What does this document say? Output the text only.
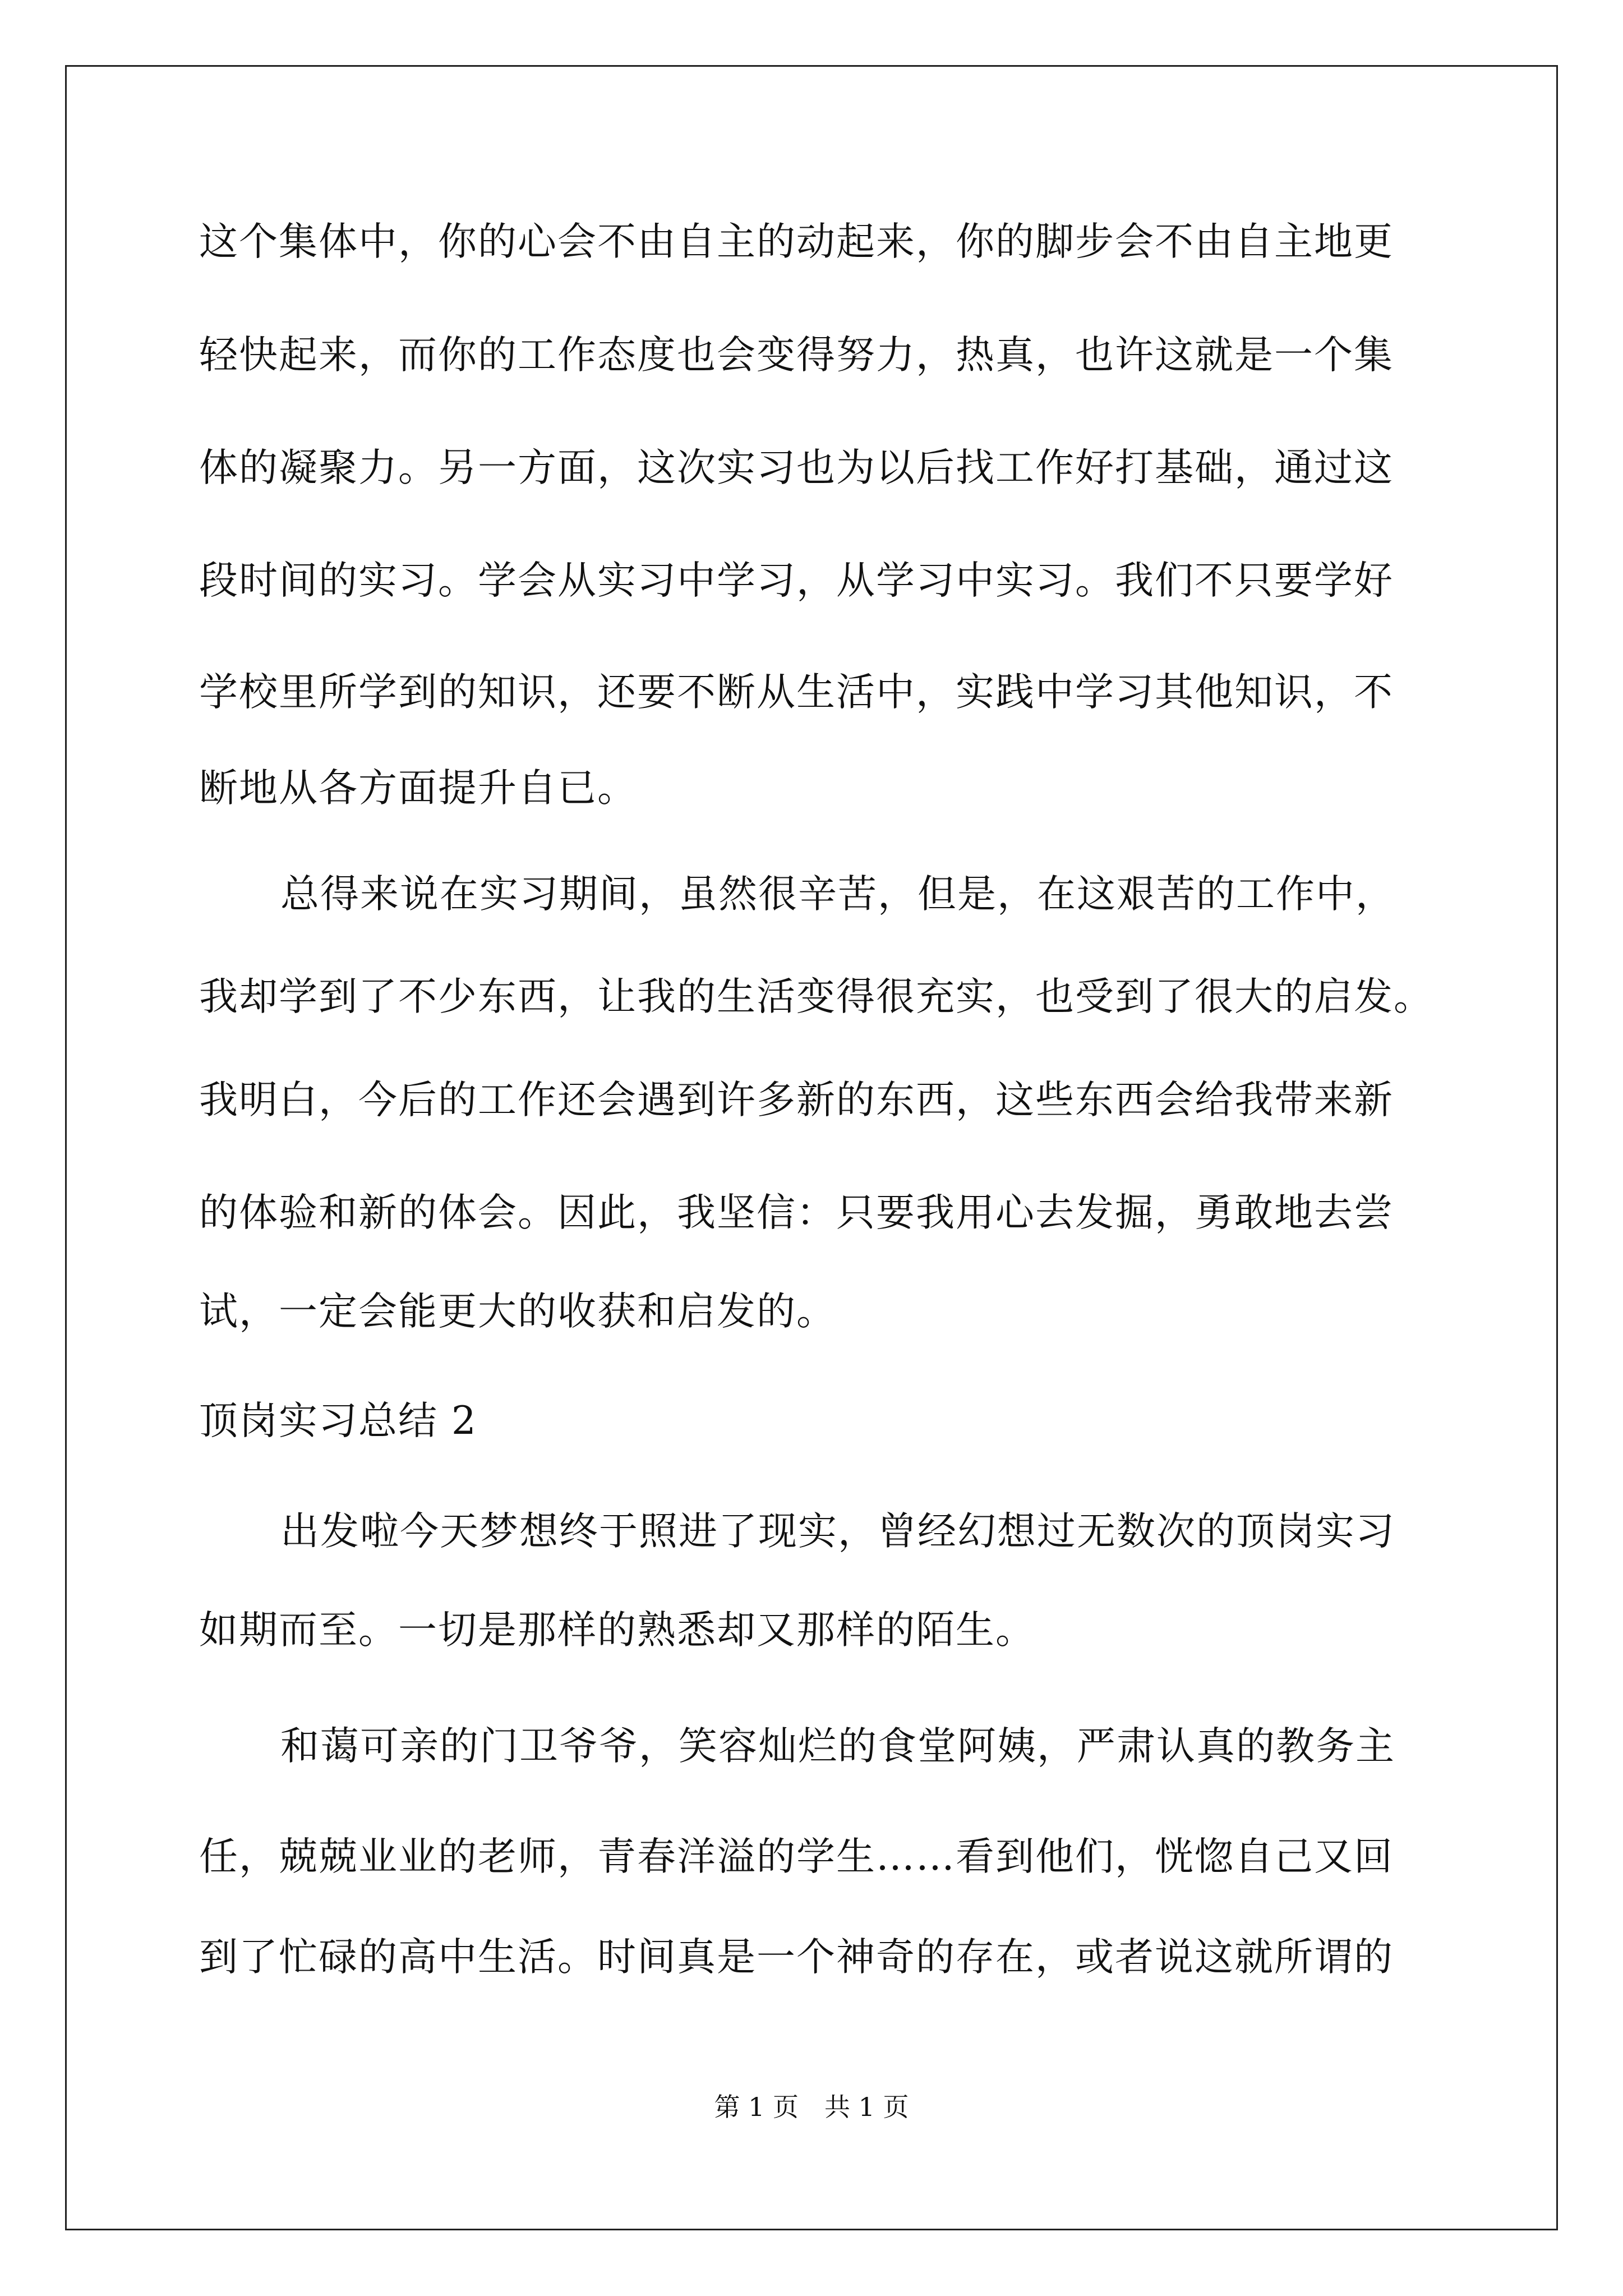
这个集体中，你的心会不由自主的动起来，你的脚步会不由自主地更
轻快起来，而你的工作态度也会变得努力，热真，也许这就是一个集
体的凝聚力。另一方面，这次实习也为以后找工作好打基础，通过这
段时间的实习。学会从实习中学习，从学习中实习。我们不只要学好
学校里所学到的知识，还要不断从生活中，实践中学习其他知识，不
断地从各方面提升自已。
总得来说在实习期间，虽然很辛苦，但是，在这艰苦的工作中，
我却学到了不少东西，让我的生活变得很充实，也受到了很大的启发。
我明白，今后的工作还会遇到许多新的东西，这些东西会给我带来新
的体验和新的体会。因此，我坚信：只要我用心去发掘，勇敢地去尝
试，一定会能更大的收获和启发的。
顶岗实习总结 2
出发啦今天梦想终于照进了现实，曾经幻想过无数次的顶岗实习
如期而至。一切是那样的熟悉却又那样的陌生。
和蔼可亲的门卫爷爷，笑容灿烂的食堂阿姨，严肃认真的教务主
任，兢兢业业的老师，青春洋溢的学生……看到他们，恍惚自己又回
到了忙碌的高中生活。时间真是一个神奇的存在，或者说这就所谓的
第 1 页 共 1 页
